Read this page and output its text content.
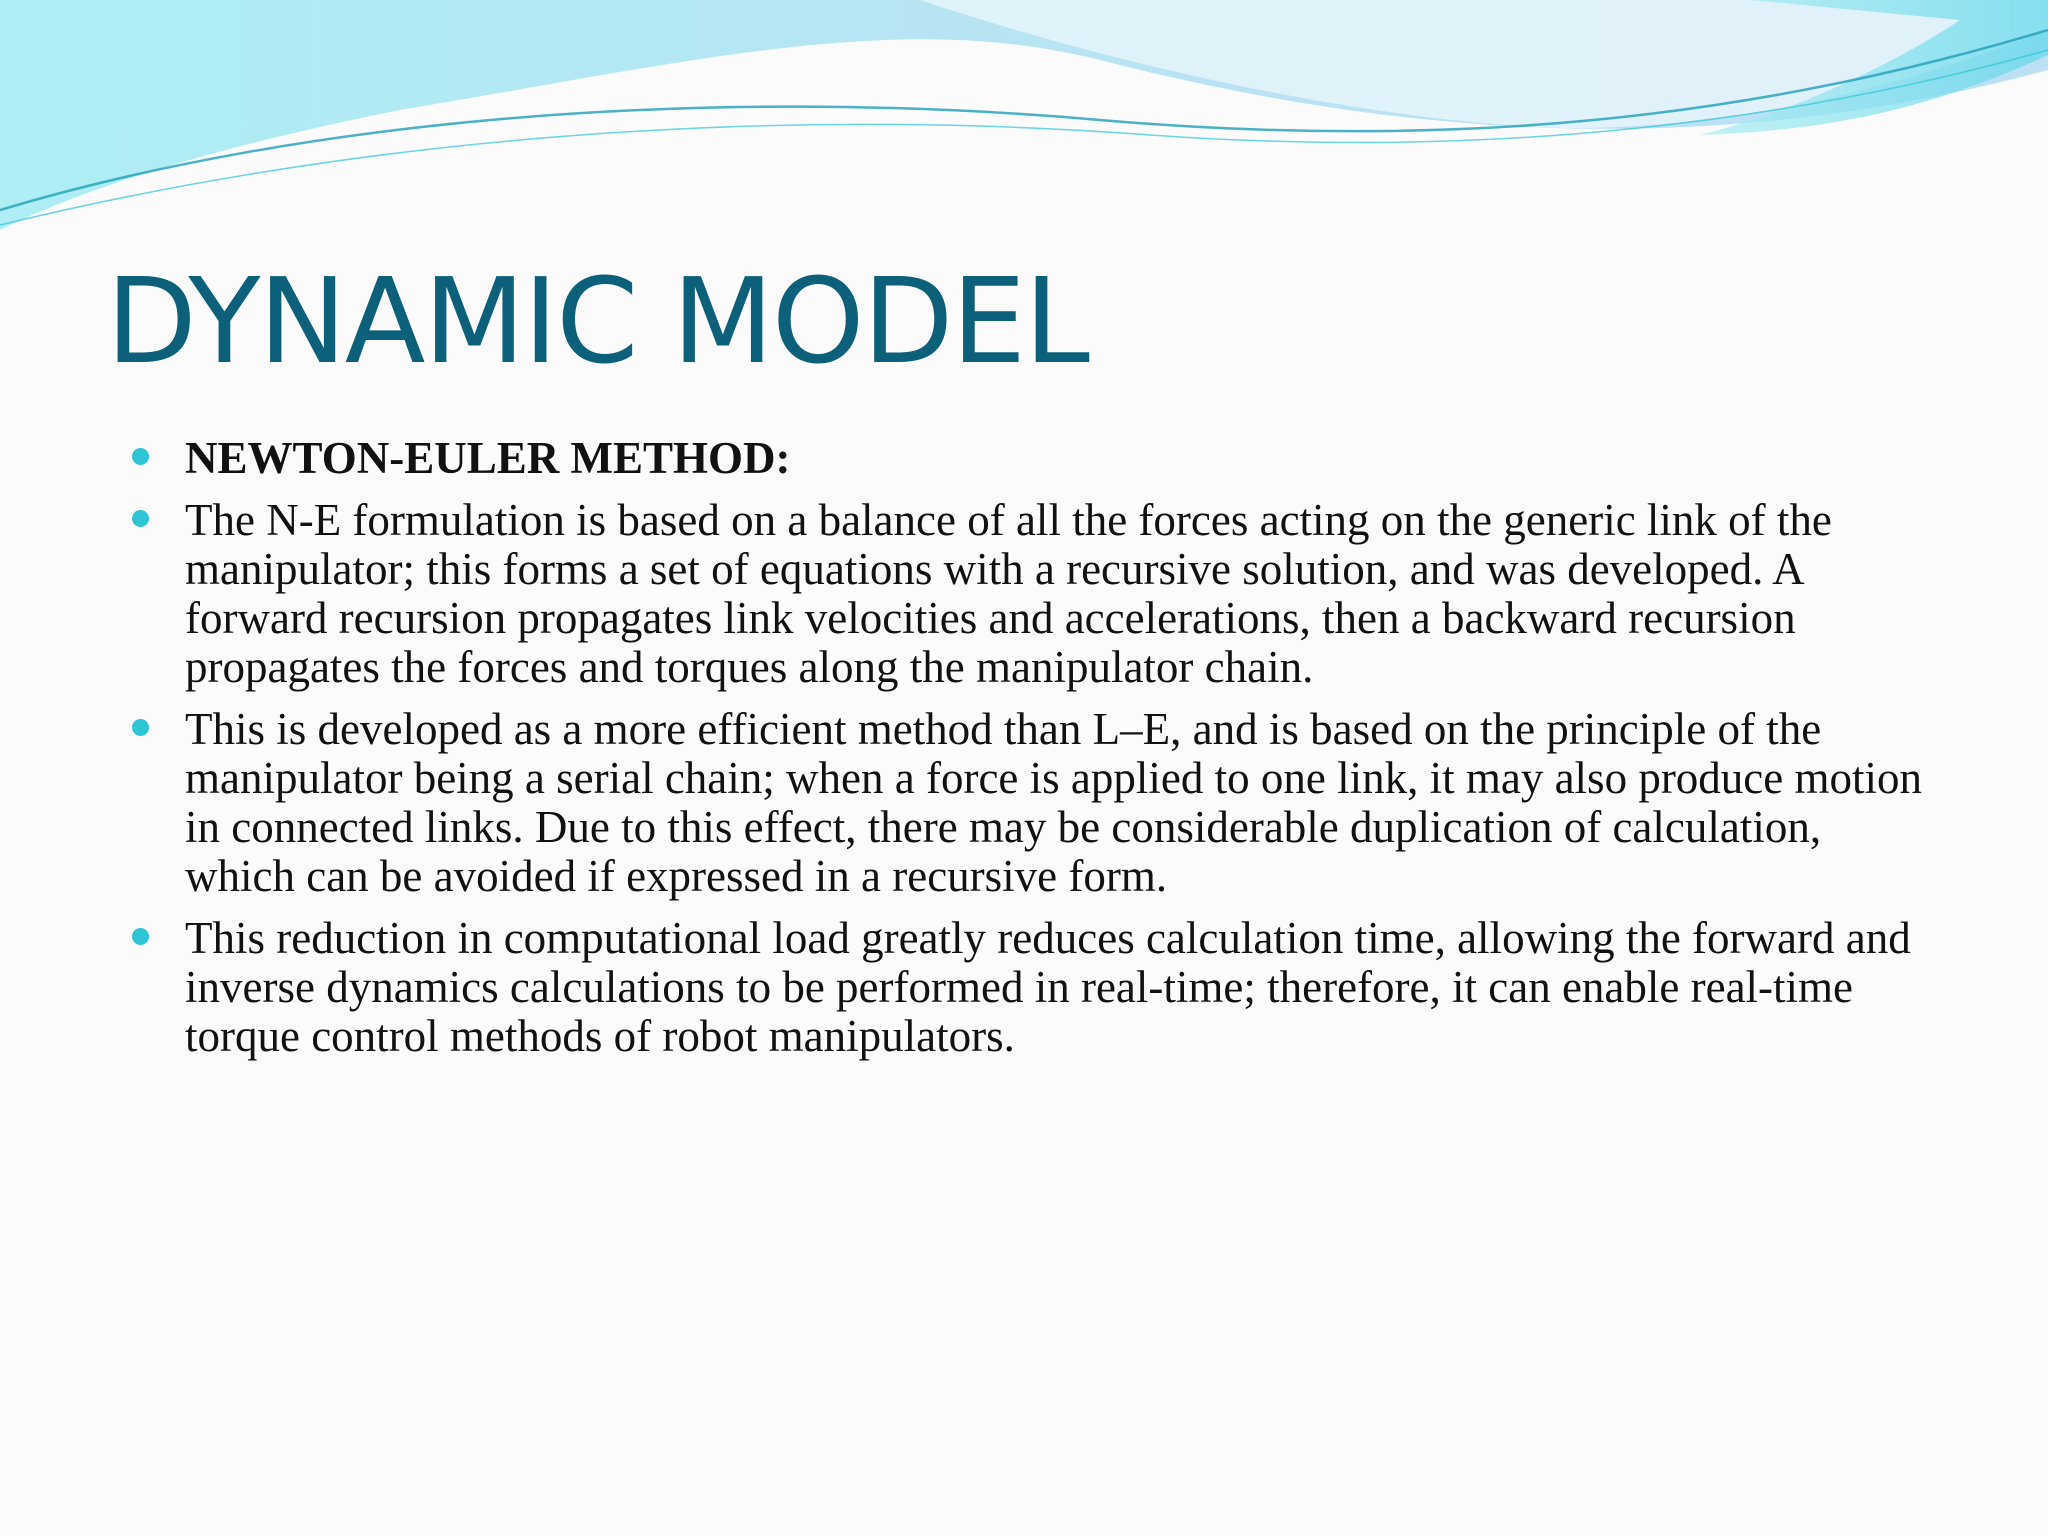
DYNAMIC MODEL
NEWTON-EULER METHOD:
The N-E formulation is based on a balance of all the forces acting on the generic link of the manipulator; this forms a set of equations with a recursive solution, and was developed. A forward recursion propagates link velocities and accelerations, then a backward recursion propagates the forces and torques along the manipulator chain.
This is developed as a more efficient method than L–E, and is based on the principle of the manipulator being a serial chain; when a force is applied to one link, it may also produce motion in connected links. Due to this effect, there may be considerable duplication of calculation, which can be avoided if expressed in a recursive form.
This reduction in computational load greatly reduces calculation time, allowing the forward and inverse dynamics calculations to be performed in real-time; therefore, it can enable real-time torque control methods of robot manipulators.
